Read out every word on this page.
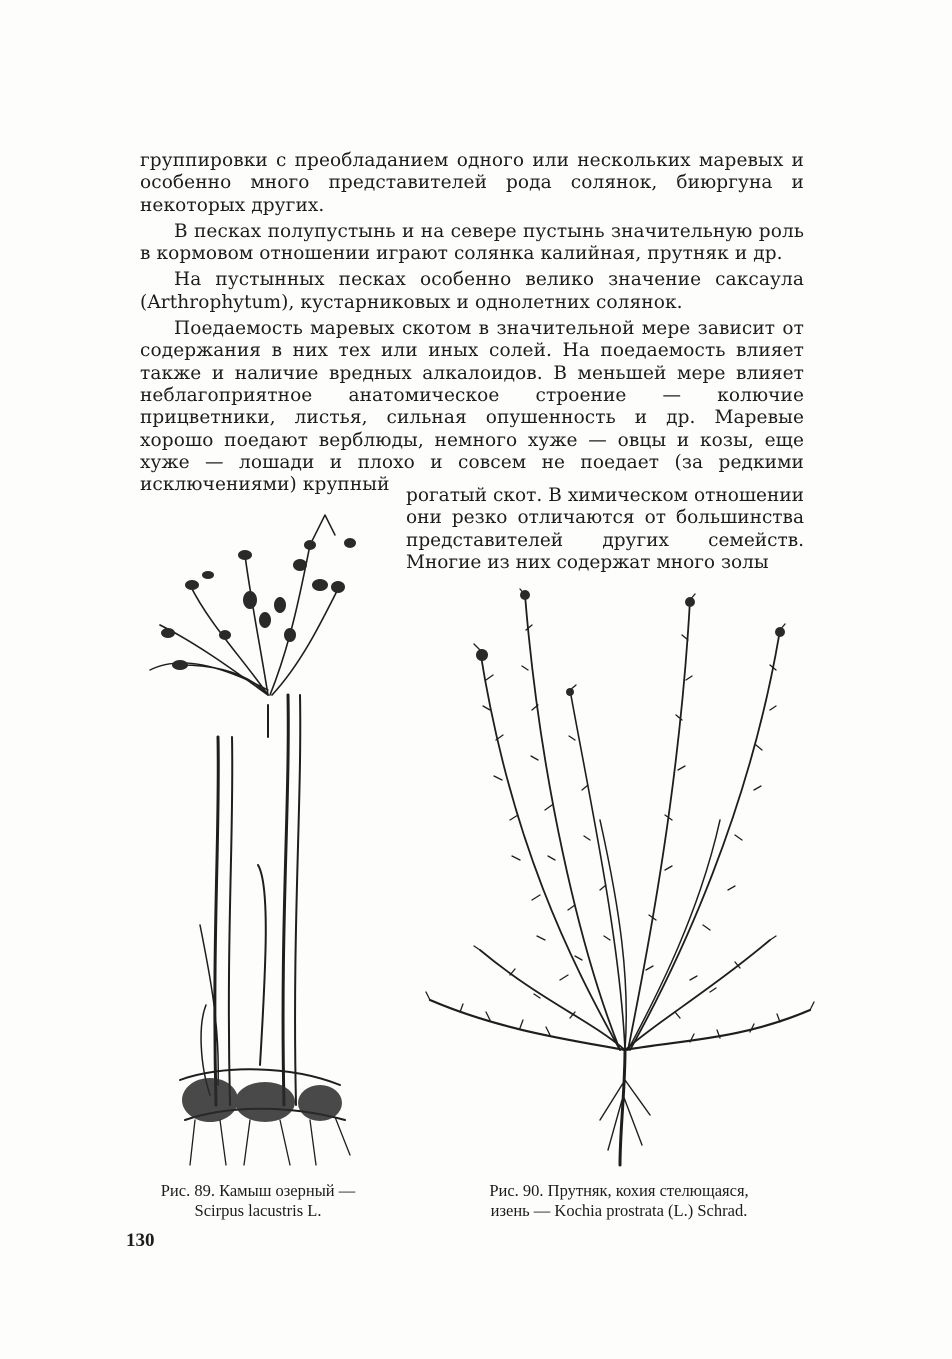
группировки с преобладанием одного или нескольких маревых и особенно много представителей рода солянок, биюргуна и некоторых других.

В песках полупустынь и на севере пустынь значительную роль в кормовом отношении играют солянка калийная, прутняк и др.

На пустынных песках особенно велико значение саксаула (Arthrophytum), кустарниковых и однолетних солянок.

Поедаемость маревых скотом в значительной мере зависит от содержания в них тех или иных солей. На поедаемость влияет также и наличие вредных алкалоидов. В меньшей мере влияет неблагоприятное анатомическое строение — колючие прицветники, листья, сильная опушенность и др. Маревые хорошо поедают верблюды, немного хуже — овцы и козы, еще хуже — лошади и плохо и совсем не поедает (за редкими исключениями) крупный

рогатый скот. В химическом отношении они резко отличаются от большинства представителей других семейств. Многие из них содержат много золы
Рис. 89. Камыш озерный —
Scirpus lacustris L.
Рис. 90. Прутняк, кохия стелющаяся,
изень — Kochia prostrata (L.) Schrad.
130
